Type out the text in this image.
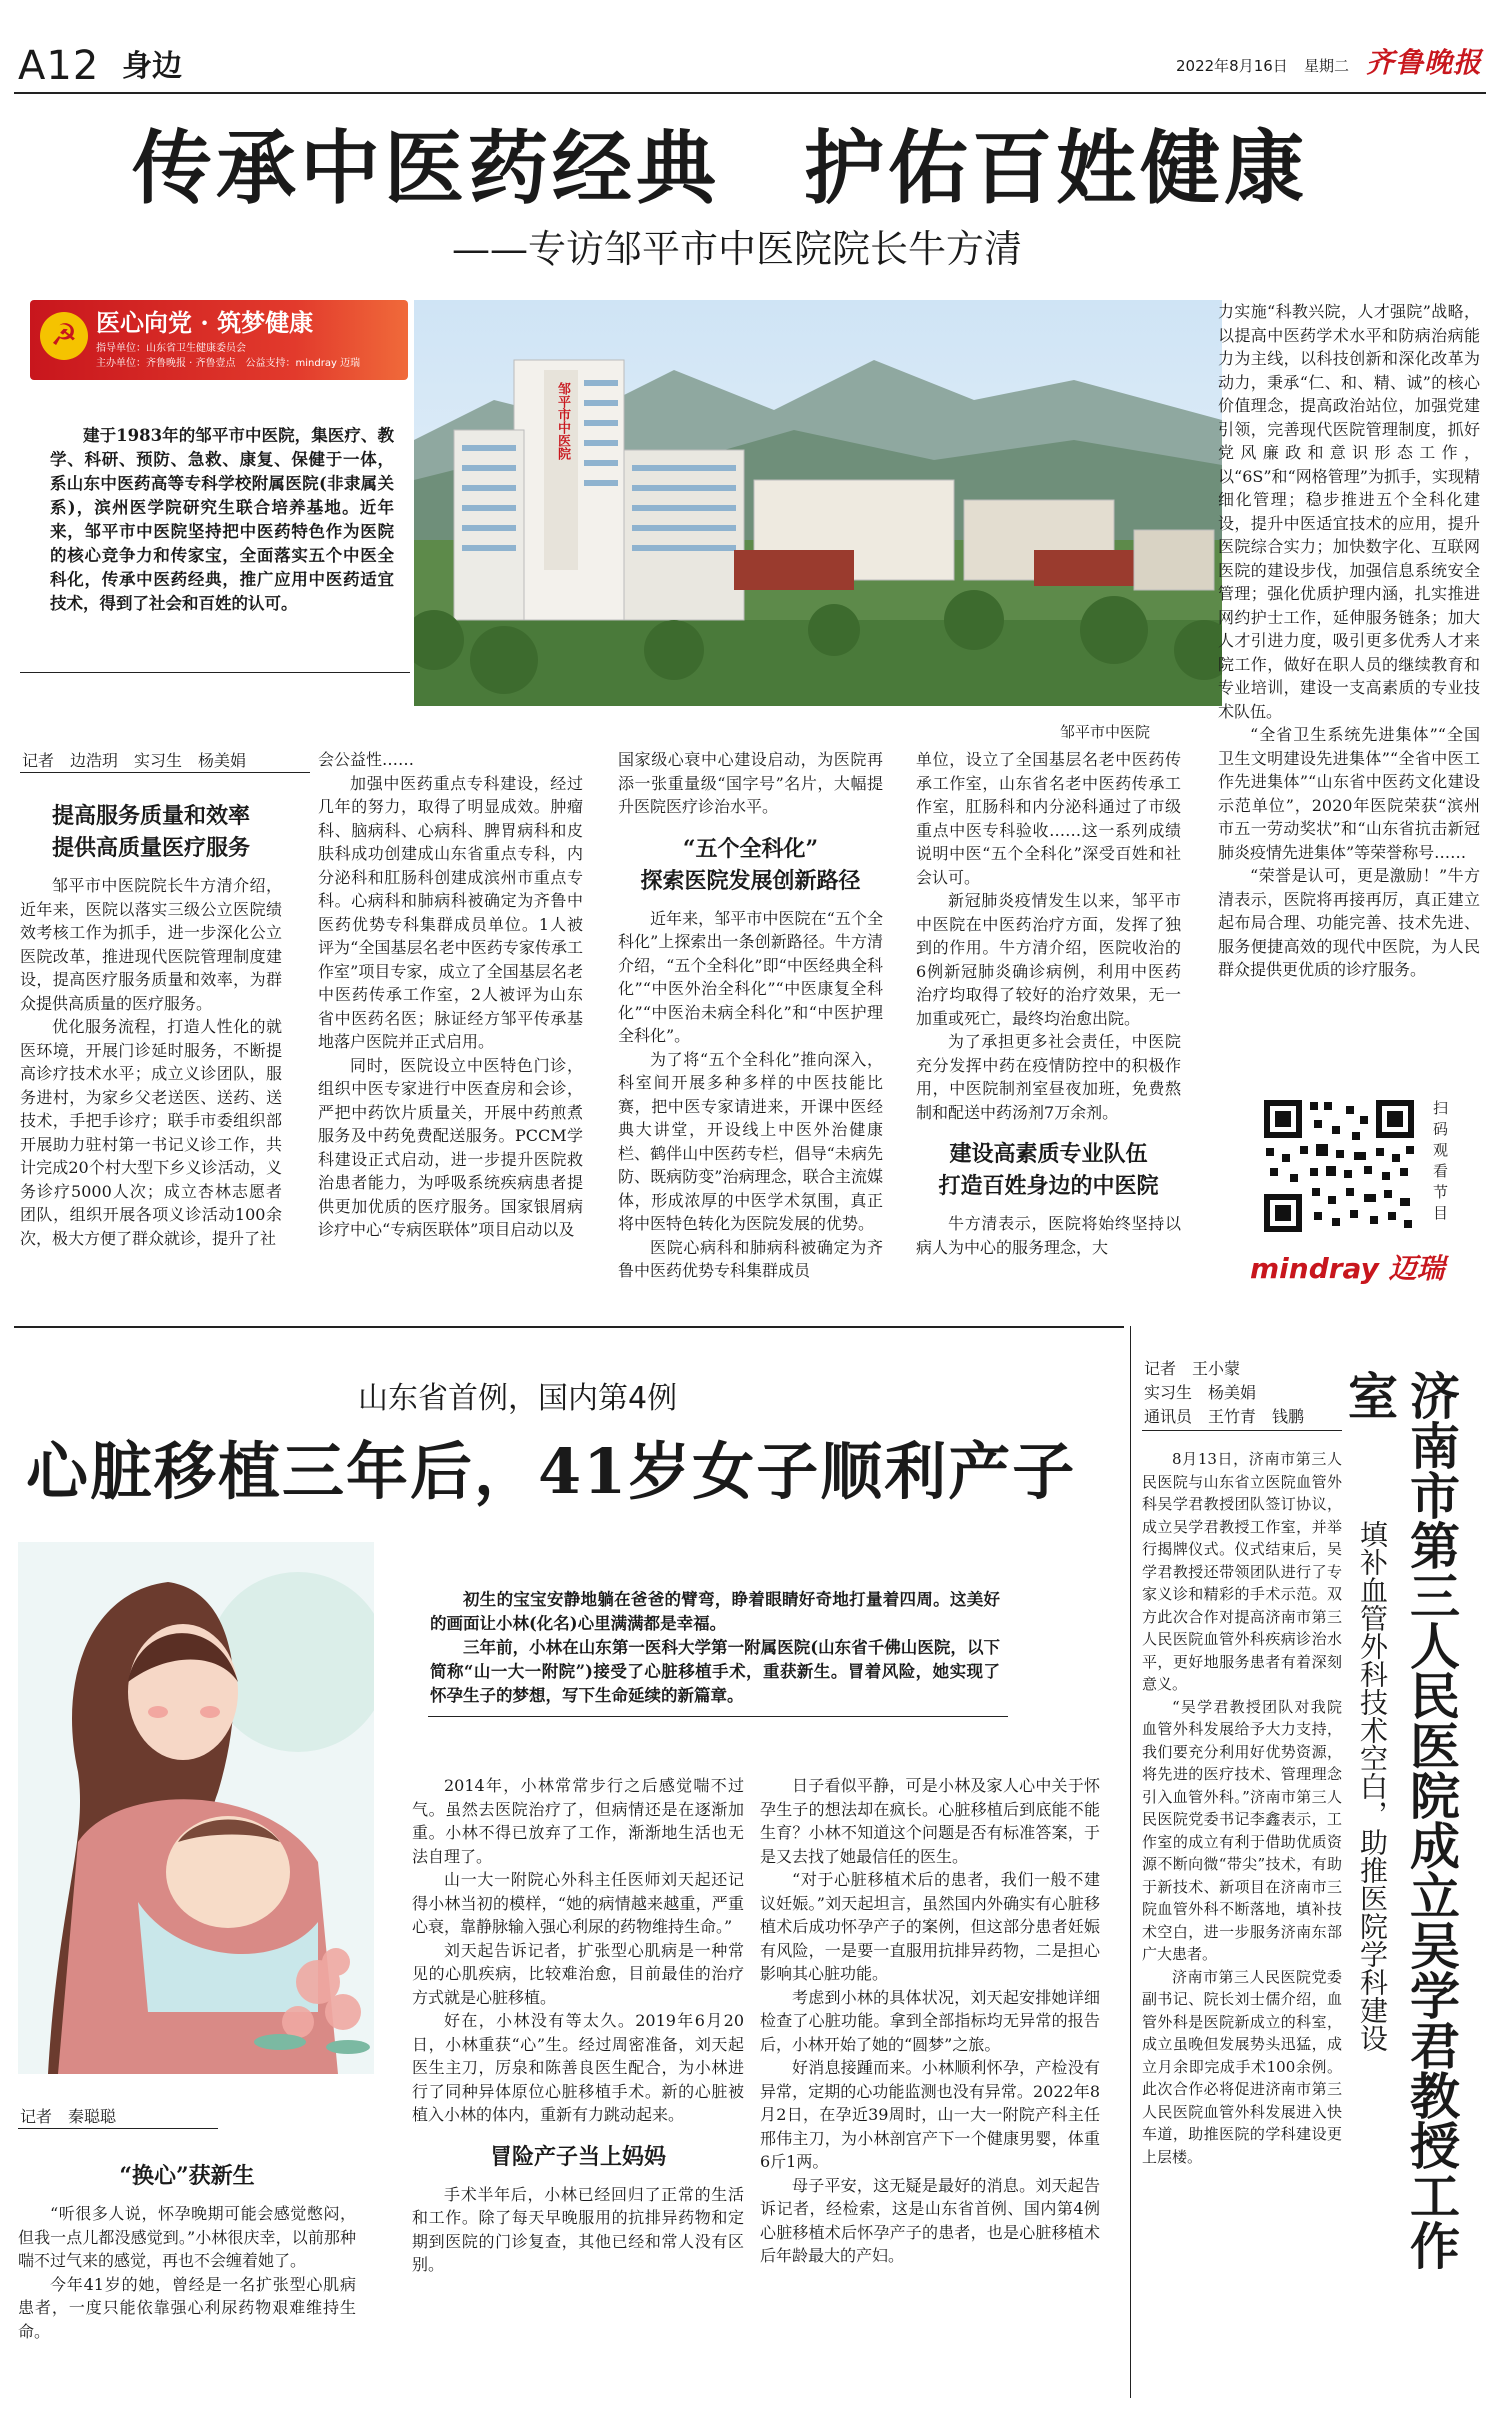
A12 身边	2022年8月16日 星期二 齐鲁晚报
传承中医药经典　护佑百姓健康
——专访邹平市中医院院长牛方清
☭ 医心向党 · 筑梦健康
指导单位：山东省卫生健康委员会
主办单位：齐鲁晚报 · 齐鲁壹点　公益支持：mindray 迈瑞

建于1983年的邹平市中医院，集医疗、教学、科研、预防、急救、康复、保健于一体，系山东中医药高等专科学校附属医院(非隶属关系)，滨州医学院研究生联合培养基地。近年来，邹平市中医院坚持把中医药特色作为医院的核心竞争力和传家宝，全面落实五个中医全科化，传承中医药经典，推广应用中医药适宜技术，得到了社会和百姓的认可。

邹平市中医院
邹平市中医院
记者　边浩玥　实习生　杨美娟
提高服务质量和效率
提供高质量医疗服务

邹平市中医院院长牛方清介绍，近年来，医院以落实三级公立医院绩效考核工作为抓手，进一步深化公立医院改革，推进现代医院管理制度建设，提高医疗服务质量和效率，为群众提供高质量的医疗服务。

优化服务流程，打造人性化的就医环境，开展门诊延时服务，不断提高诊疗技术水平；成立义诊团队，服务进村，为家乡父老送医、送药、送技术，手把手诊疗；联手市委组织部开展助力驻村第一书记义诊工作，共计完成20个村大型下乡义诊活动，义务诊疗5000人次；成立杏林志愿者团队，组织开展各项义诊活动100余次，极大方便了群众就诊，提升了社

会公益性……

加强中医药重点专科建设，经过几年的努力，取得了明显成效。肿瘤科、脑病科、心病科、脾胃病科和皮肤科成功创建成山东省重点专科，内分泌科和肛肠科创建成滨州市重点专科。心病科和肺病科被确定为齐鲁中医药优势专科集群成员单位。1人被评为“全国基层名老中医药专家传承工作室”项目专家，成立了全国基层名老中医药传承工作室，2人被评为山东省中医药名医；脉证经方邹平传承基地落户医院并正式启用。

同时，医院设立中医特色门诊，组织中医专家进行中医查房和会诊，严把中药饮片质量关，开展中药煎煮服务及中药免费配送服务。PCCM学科建设正式启动，进一步提升医院救治患者能力，为呼吸系统疾病患者提供更加优质的医疗服务。国家银屑病诊疗中心“专病医联体”项目启动以及

国家级心衰中心建设启动，为医院再添一张重量级“国字号”名片，大幅提升医院医疗诊治水平。

“五个全科化”
探索医院发展创新路径

近年来，邹平市中医院在“五个全科化”上探索出一条创新路径。牛方清介绍，“五个全科化”即“中医经典全科化”“中医外治全科化”“中医康复全科化”“中医治未病全科化”和“中医护理全科化”。

为了将“五个全科化”推向深入，科室间开展多种多样的中医技能比赛，把中医专家请进来，开课中医经典大讲堂，开设线上中医外治健康栏、鹤伴山中医药专栏，倡导“未病先防、既病防变”治病理念，联合主流媒体，形成浓厚的中医学术氛围，真正将中医特色转化为医院发展的优势。

医院心病科和肺病科被确定为齐鲁中医药优势专科集群成员

单位，设立了全国基层名老中医药传承工作室，山东省名老中医药传承工作室，肛肠科和内分泌科通过了市级重点中医专科验收……这一系列成绩说明中医“五个全科化”深受百姓和社会认可。

新冠肺炎疫情发生以来，邹平市中医院在中医药治疗方面，发挥了独到的作用。牛方清介绍，医院收治的6例新冠肺炎确诊病例，利用中医药治疗均取得了较好的治疗效果，无一加重或死亡，最终均治愈出院。

为了承担更多社会责任，中医院充分发挥中药在疫情防控中的积极作用，中医院制剂室昼夜加班，免费熬制和配送中药汤剂7万余剂。

建设高素质专业队伍
打造百姓身边的中医院

牛方清表示，医院将始终坚持以病人为中心的服务理念，大

力实施“科教兴院，人才强院”战略，以提高中医药学术水平和防病治病能力为主线，以科技创新和深化改革为动力，秉承“仁、和、精、诚”的核心价值理念，提高政治站位，加强党建引领，完善现代医院管理制度，抓好党风廉政和意识形态工作，以“6S”和“网格管理”为抓手，实现精细化管理；稳步推进五个全科化建设，提升中医适宜技术的应用，提升医院综合实力；加快数字化、互联网医院的建设步伐，加强信息系统安全管理；强化优质护理内涵，扎实推进网约护士工作，延伸服务链条；加大人才引进力度，吸引更多优秀人才来院工作，做好在职人员的继续教育和专业培训，建设一支高素质的专业技术队伍。

“全省卫生系统先进集体”“全国卫生文明建设先进集体”“全省中医工作先进集体”“山东省中医药文化建设示范单位”，2020年医院荣获“滨州市五一劳动奖状”和“山东省抗击新冠肺炎疫情先进集体”等荣誉称号……

“荣誉是认可，更是激励！”牛方清表示，医院将再接再厉，真正建立起布局合理、功能完善、技术先进、服务便捷高效的现代中医院，为人民群众提供更优质的诊疗服务。

扫码观看节目
mindray 迈瑞
山东省首例，国内第4例
心脏移植三年后，41岁女子顺利产子

初生的宝宝安静地躺在爸爸的臂弯，睁着眼睛好奇地打量着四周。这美好的画面让小林(化名)心里满满都是幸福。

三年前，小林在山东第一医科大学第一附属医院(山东省千佛山医院，以下简称“山一大一附院”)接受了心脏移植手术，重获新生。冒着风险，她实现了怀孕生子的梦想，写下生命延续的新篇章。

记者　秦聪聪
“换心”获新生

“听很多人说，怀孕晚期可能会感觉憋闷，但我一点儿都没感觉到。”小林很庆幸，以前那种喘不过气来的感觉，再也不会缠着她了。

今年41岁的她，曾经是一名扩张型心肌病患者，一度只能依靠强心利尿药物艰难维持生命。

2014年，小林常常步行之后感觉喘不过气。虽然去医院治疗了，但病情还是在逐渐加重。小林不得已放弃了工作，渐渐地生活也无法自理了。

山一大一附院心外科主任医师刘天起还记得小林当初的模样，“她的病情越来越重，严重心衰，靠静脉输入强心利尿的药物维持生命。”

刘天起告诉记者，扩张型心肌病是一种常见的心肌疾病，比较难治愈，目前最佳的治疗方式就是心脏移植。

好在，小林没有等太久。2019年6月20日，小林重获“心”生。经过周密准备，刘天起医生主刀，厉泉和陈善良医生配合，为小林进行了同种异体原位心脏移植手术。新的心脏被植入小林的体内，重新有力跳动起来。

冒险产子当上妈妈

手术半年后，小林已经回归了正常的生活和工作。除了每天早晚服用的抗排异药物和定期到医院的门诊复查，其他已经和常人没有区别。

日子看似平静，可是小林及家人心中关于怀孕生子的想法却在疯长。心脏移植后到底能不能生育？小林不知道这个问题是否有标准答案，于是又去找了她最信任的医生。

“对于心脏移植术后的患者，我们一般不建议妊娠。”刘天起坦言，虽然国内外确实有心脏移植术后成功怀孕产子的案例，但这部分患者妊娠有风险，一是要一直服用抗排异药物，二是担心影响其心脏功能。

考虑到小林的具体状况，刘天起安排她详细检查了心脏功能。拿到全部指标均无异常的报告后，小林开始了她的“圆梦”之旅。

好消息接踵而来。小林顺利怀孕，产检没有异常，定期的心功能监测也没有异常。2022年8月2日，在孕近39周时，山一大一附院产科主任邢伟主刀，为小林剖宫产下一个健康男婴，体重6斤1两。

母子平安，这无疑是最好的消息。刘天起告诉记者，经检索，这是山东省首例、国内第4例心脏移植术后怀孕产子的患者，也是心脏移植术后年龄最大的产妇。

记者　王小蒙
实习生　杨美娟
通讯员　王竹青　钱鹏

8月13日，济南市第三人民医院与山东省立医院血管外科吴学君教授团队签订协议，成立吴学君教授工作室，并举行揭牌仪式。仪式结束后，吴学君教授还带领团队进行了专家义诊和精彩的手术示范。双方此次合作对提高济南市第三人民医院血管外科疾病诊治水平，更好地服务患者有着深刻意义。

“吴学君教授团队对我院血管外科发展给予大力支持，我们要充分利用好优势资源，将先进的医疗技术、管理理念引入血管外科。”济南市第三人民医院党委书记李鑫表示，工作室的成立有利于借助优质资源不断向微“带尖”技术，有助于新技术、新项目在济南市三院血管外科不断落地，填补技术空白，进一步服务济南东部广大患者。

济南市第三人民医院党委副书记、院长刘士儒介绍，血管外科是医院新成立的科室，成立虽晚但发展势头迅猛，成立月余即完成手术100余例。此次合作必将促进济南市第三人民医院血管外科发展进入快车道，助推医院的学科建设更上层楼。	济南市第三人民医院成立吴学君教授工作室
填补血管外科技术空白，助推医院学科建设
